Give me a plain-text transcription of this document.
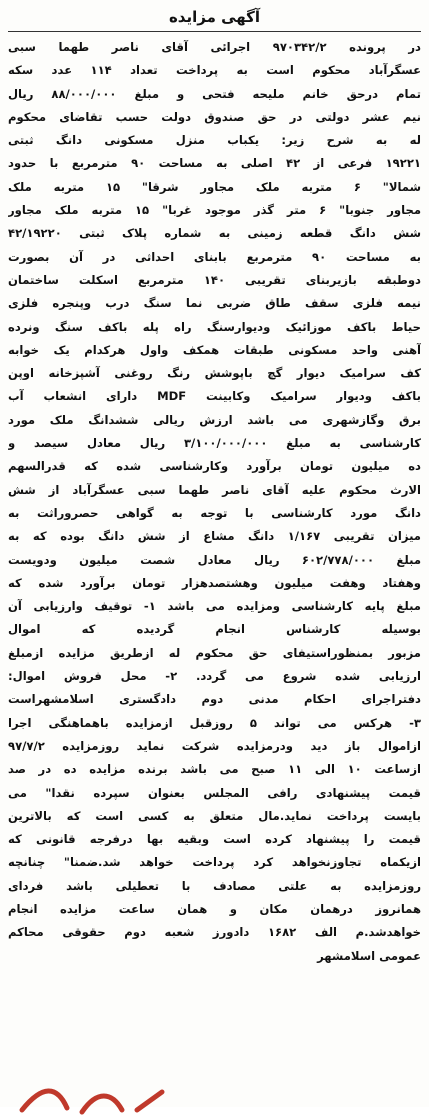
آگهی مزایده
در پرونده ۹۷۰۳۴۲/۲ اجرائی آقای ناصر طهما سبی
عسگرآباد محکوم است به پرداخت تعداد ۱۱۴ عدد سکه
تمام درحق خانم ملیحه فتحی و مبلغ ۸۸/۰۰۰/۰۰۰ ریال
نیم عشر دولتی در حق صندوق دولت حسب تقاضای محکوم
له به شرح زیر: یکباب منزل مسکونی دانگ ثبتی
۱۹۲۲۱ فرعی از ۴۲ اصلی به مساحت ۹۰ مترمربع با حدود
شمالا" ۶ متربه ملک مجاور شرقا" ۱۵ متربه ملک
مجاور جنوبا" ۶ متر گذر موجود غربا" ۱۵ متربه ملک مجاور
شش دانگ قطعه زمینی به شماره پلاک ثبتی ۴۲/۱۹۲۲۰
به مساحت ۹۰ مترمربع بابنای احداثی در آن بصورت
دوطبقه بازیربنای تقریبی ۱۴۰ مترمربع اسکلت ساختمان
نیمه فلزی سقف طاق ضربی نما سنگ درب وپنجره فلزی
حیاط باکف موزائیک ودیوارسنگ راه پله باکف سنگ ونرده
آهنی واحد مسکونی طبقات همکف واول هرکدام یک خوابه
کف سرامیک دیوار گچ باپوشش رنگ روغنی آشپزخانه اوپن
باکف ودیوار سرامیک وکابینت MDF دارای انشعاب آب
برق وگازشهری می باشد ارزش ریالی ششدانگ ملک مورد
کارشناسی به مبلغ ۳/۱۰۰/۰۰۰/۰۰۰ ریال معادل سیصد و
ده میلیون تومان برآورد وکارشناسی شده که قدرالسهم
الارث محکوم علیه آقای ناصر طهما سبی عسگرآباد از شش
دانگ مورد کارشناسی با توجه به گواهی حصروراثت به
میزان تقریبی ۱/۱۶۷ دانگ مشاع از شش دانگ بوده که به
مبلغ ۶۰۲/۷۷۸/۰۰۰ ریال معادل شصت میلیون ودویست
وهفتاد وهفت میلیون وهشتصدهزار تومان برآورد شده که
مبلغ پایه کارشناسی ومزایده می باشد ۱- توقیف وارزیابی آن
بوسیله کارشناس انجام گردیده که اموال
مزبور بمنظوراستیفای حق محکوم له ازطریق مزایده ازمبلغ
ارزیابی شده شروع می گردد. ۲- محل فروش اموال:
دفتراجرای احکام مدنی دوم دادگستری اسلامشهراست
۳- هرکس می تواند ۵ روزقبل ازمزایده باهماهنگی اجرا
ازاموال باز دید ودرمزایده شرکت نماید روزمزایده ۹۷/۷/۲
ازساعت ۱۰ الی ۱۱ صبح می باشد برنده مزایده ده در صد
قیمت پیشنهادی رافی المجلس بعنوان سپرده نقدا" می
بایست پرداخت نماید.مال متعلق به کسی است که بالاترین
قیمت را پیشنهاد کرده است وبقیه بها درفرجه قانونی که
ازیکماه تجاوزنخواهد کرد پرداخت خواهد شد.ضمنا" چنانچه
روزمزایده به علتی مصادف با تعطیلی باشد فردای
همانروز درهمان مکان و همان ساعت مزایده انجام
خواهدشد.م الف ۱۶۸۲ دادورز شعبه دوم حقوقی محاکم
عمومی اسلامشهر
